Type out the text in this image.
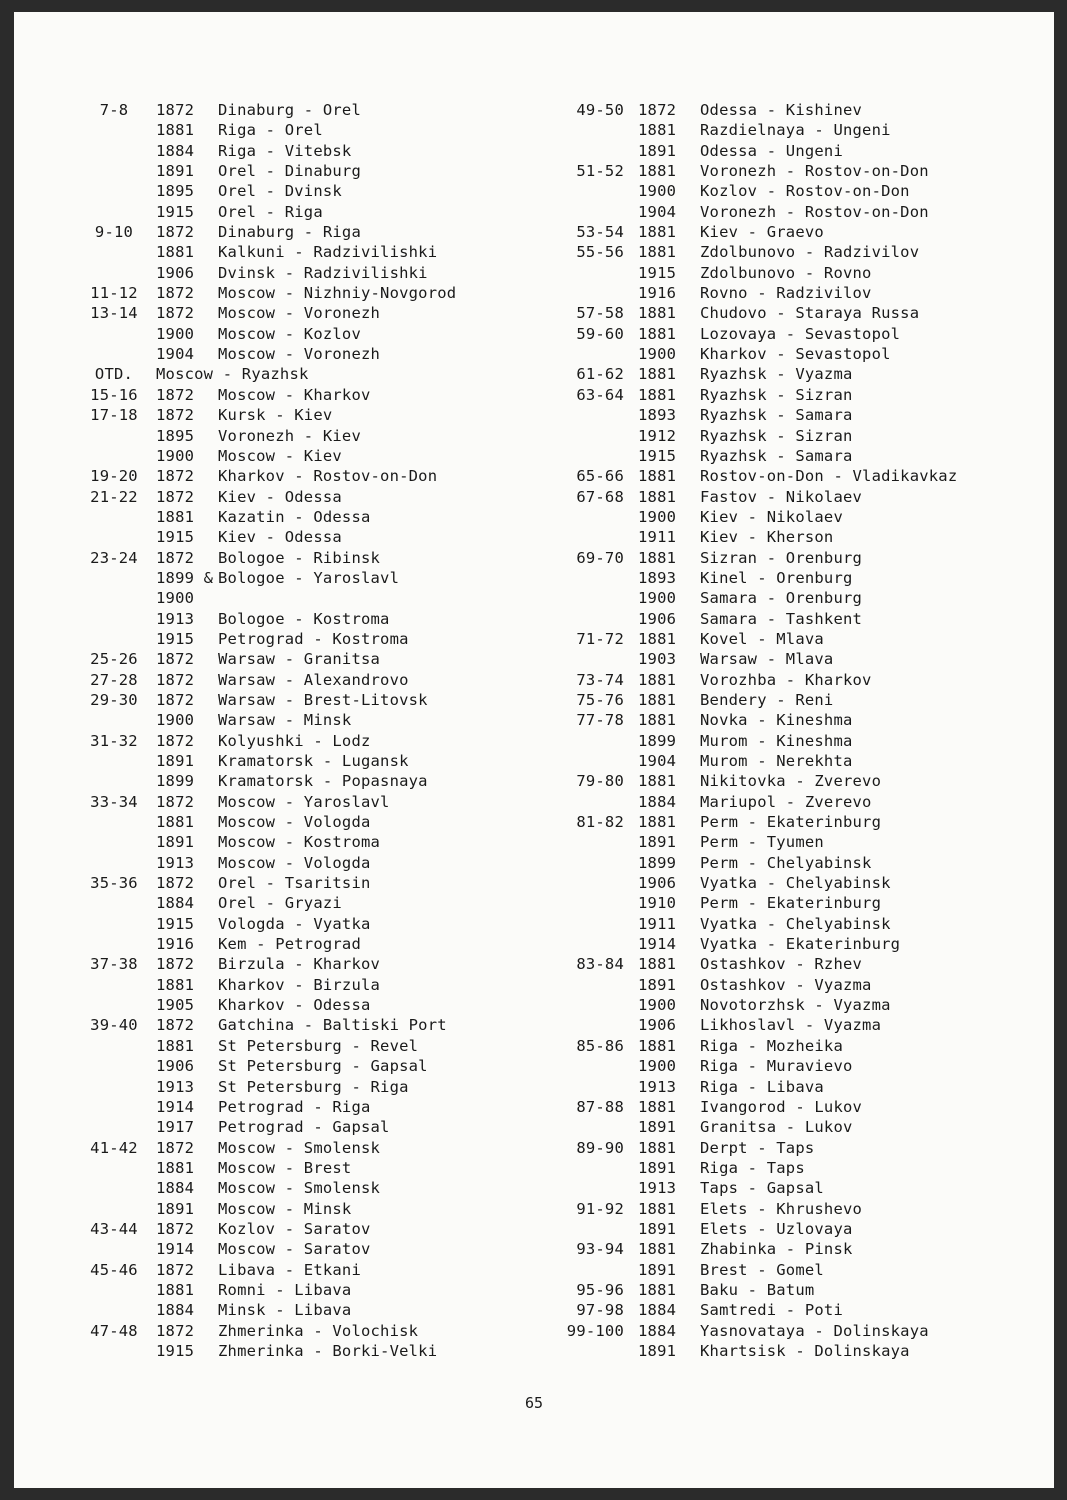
7-8	1872	Dinaburg - Orel
1881	Riga - Orel
1884	Riga - Vitebsk
1891	Orel - Dinaburg
1895	Orel - Dvinsk
1915	Orel - Riga
9-10	1872	Dinaburg - Riga
1881	Kalkuni - Radzivilishki
1906	Dvinsk - Radzivilishki
11-12	1872	Moscow - Nizhniy-Novgorod
13-14	1872	Moscow - Voronezh
1900	Moscow - Kozlov
1904	Moscow - Voronezh
OTD.	Moscow - Ryazhsk
15-16	1872	Moscow - Kharkov
17-18	1872	Kursk - Kiev
1895	Voronezh - Kiev
1900	Moscow - Kiev
19-20	1872	Kharkov - Rostov-on-Don
21-22	1872	Kiev - Odessa
1881	Kazatin - Odessa
1915	Kiev - Odessa
23-24	1872	Bologoe - Ribinsk
1899 & Bologoe - Yaroslavl
1900
1913	Bologoe - Kostroma
1915	Petrograd - Kostroma
25-26	1872	Warsaw - Granitsa
27-28	1872	Warsaw - Alexandrovo
29-30	1872	Warsaw - Brest-Litovsk
1900	Warsaw - Minsk
31-32	1872	Kolyushki - Lodz
1891	Kramatorsk - Lugansk
1899	Kramatorsk - Popasnaya
33-34	1872	Moscow - Yaroslavl
1881	Moscow - Vologda
1891	Moscow - Kostroma
1913	Moscow - Vologda
35-36	1872	Orel - Tsaritsin
1884	Orel - Gryazi
1915	Vologda - Vyatka
1916	Kem - Petrograd
37-38	1872	Birzula - Kharkov
1881	Kharkov - Birzula
1905	Kharkov - Odessa
39-40	1872	Gatchina - Baltiski Port
1881	St Petersburg - Revel
1906	St Petersburg - Gapsal
1913	St Petersburg - Riga
1914	Petrograd - Riga
1917	Petrograd - Gapsal
41-42	1872	Moscow - Smolensk
1881	Moscow - Brest
1884	Moscow - Smolensk
1891	Moscow - Minsk
43-44	1872	Kozlov - Saratov
1914	Moscow - Saratov
45-46	1872	Libava - Etkani
1881	Romni - Libava
1884	Minsk - Libava
47-48	1872	Zhmerinka - Volochisk
1915	Zhmerinka - Borki-Velki
49-50 1872	Odessa - Kishinev
1881	Razdielnaya - Ungeni
1891	Odessa - Ungeni
51-52 1881	Voronezh - Rostov-on-Don
1900	Kozlov - Rostov-on-Don
1904	Voronezh - Rostov-on-Don
53-54 1881	Kiev - Graevo
55-56 1881	Zdolbunovo - Radzivilov
1915	Zdolbunovo - Rovno
1916	Rovno - Radzivilov
57-58 1881	Chudovo - Staraya Russa
59-60 1881	Lozovaya - Sevastopol
1900	Kharkov - Sevastopol
61-62 1881	Ryazhsk - Vyazma
63-64 1881	Ryazhsk - Sizran
1893	Ryazhsk - Samara
1912	Ryazhsk - Sizran
1915	Ryazhsk - Samara
65-66 1881	Rostov-on-Don - Vladikavkaz
67-68 1881	Fastov - Nikolaev
1900	Kiev - Nikolaev
1911	Kiev - Kherson
69-70 1881	Sizran - Orenburg
1893	Kinel - Orenburg
1900	Samara - Orenburg
1906	Samara - Tashkent
71-72 1881	Kovel - Mlava
1903	Warsaw - Mlava
73-74 1881	Vorozhba - Kharkov
75-76 1881	Bendery - Reni
77-78 1881	Novka - Kineshma
1899	Murom - Kineshma
1904	Murom - Nerekhta
79-80 1881	Nikitovka - Zverevo
1884	Mariupol - Zverevo
81-82 1881	Perm - Ekaterinburg
1891	Perm - Tyumen
1899	Perm - Chelyabinsk
1906	Vyatka - Chelyabinsk
1910	Perm - Ekaterinburg
1911	Vyatka - Chelyabinsk
1914	Vyatka - Ekaterinburg
83-84 1881	Ostashkov - Rzhev
1891	Ostashkov - Vyazma
1900	Novotorzhsk - Vyazma
1906	Likhoslavl - Vyazma
85-86 1881	Riga - Mozheika
1900	Riga - Muravievo
1913	Riga - Libava
87-88 1881	Ivangorod - Lukov
1891	Granitsa - Lukov
89-90 1881	Derpt - Taps
1891	Riga - Taps
1913	Taps - Gapsal
91-92 1881	Elets - Khrushevo
1891	Elets - Uzlovaya
93-94 1881	Zhabinka - Pinsk
1891	Brest - Gomel
95-96 1881	Baku - Batum
97-98 1884	Samtredi - Poti
99-100 1884	Yasnovataya - Dolinskaya
1891	Khartsisk - Dolinskaya
65
